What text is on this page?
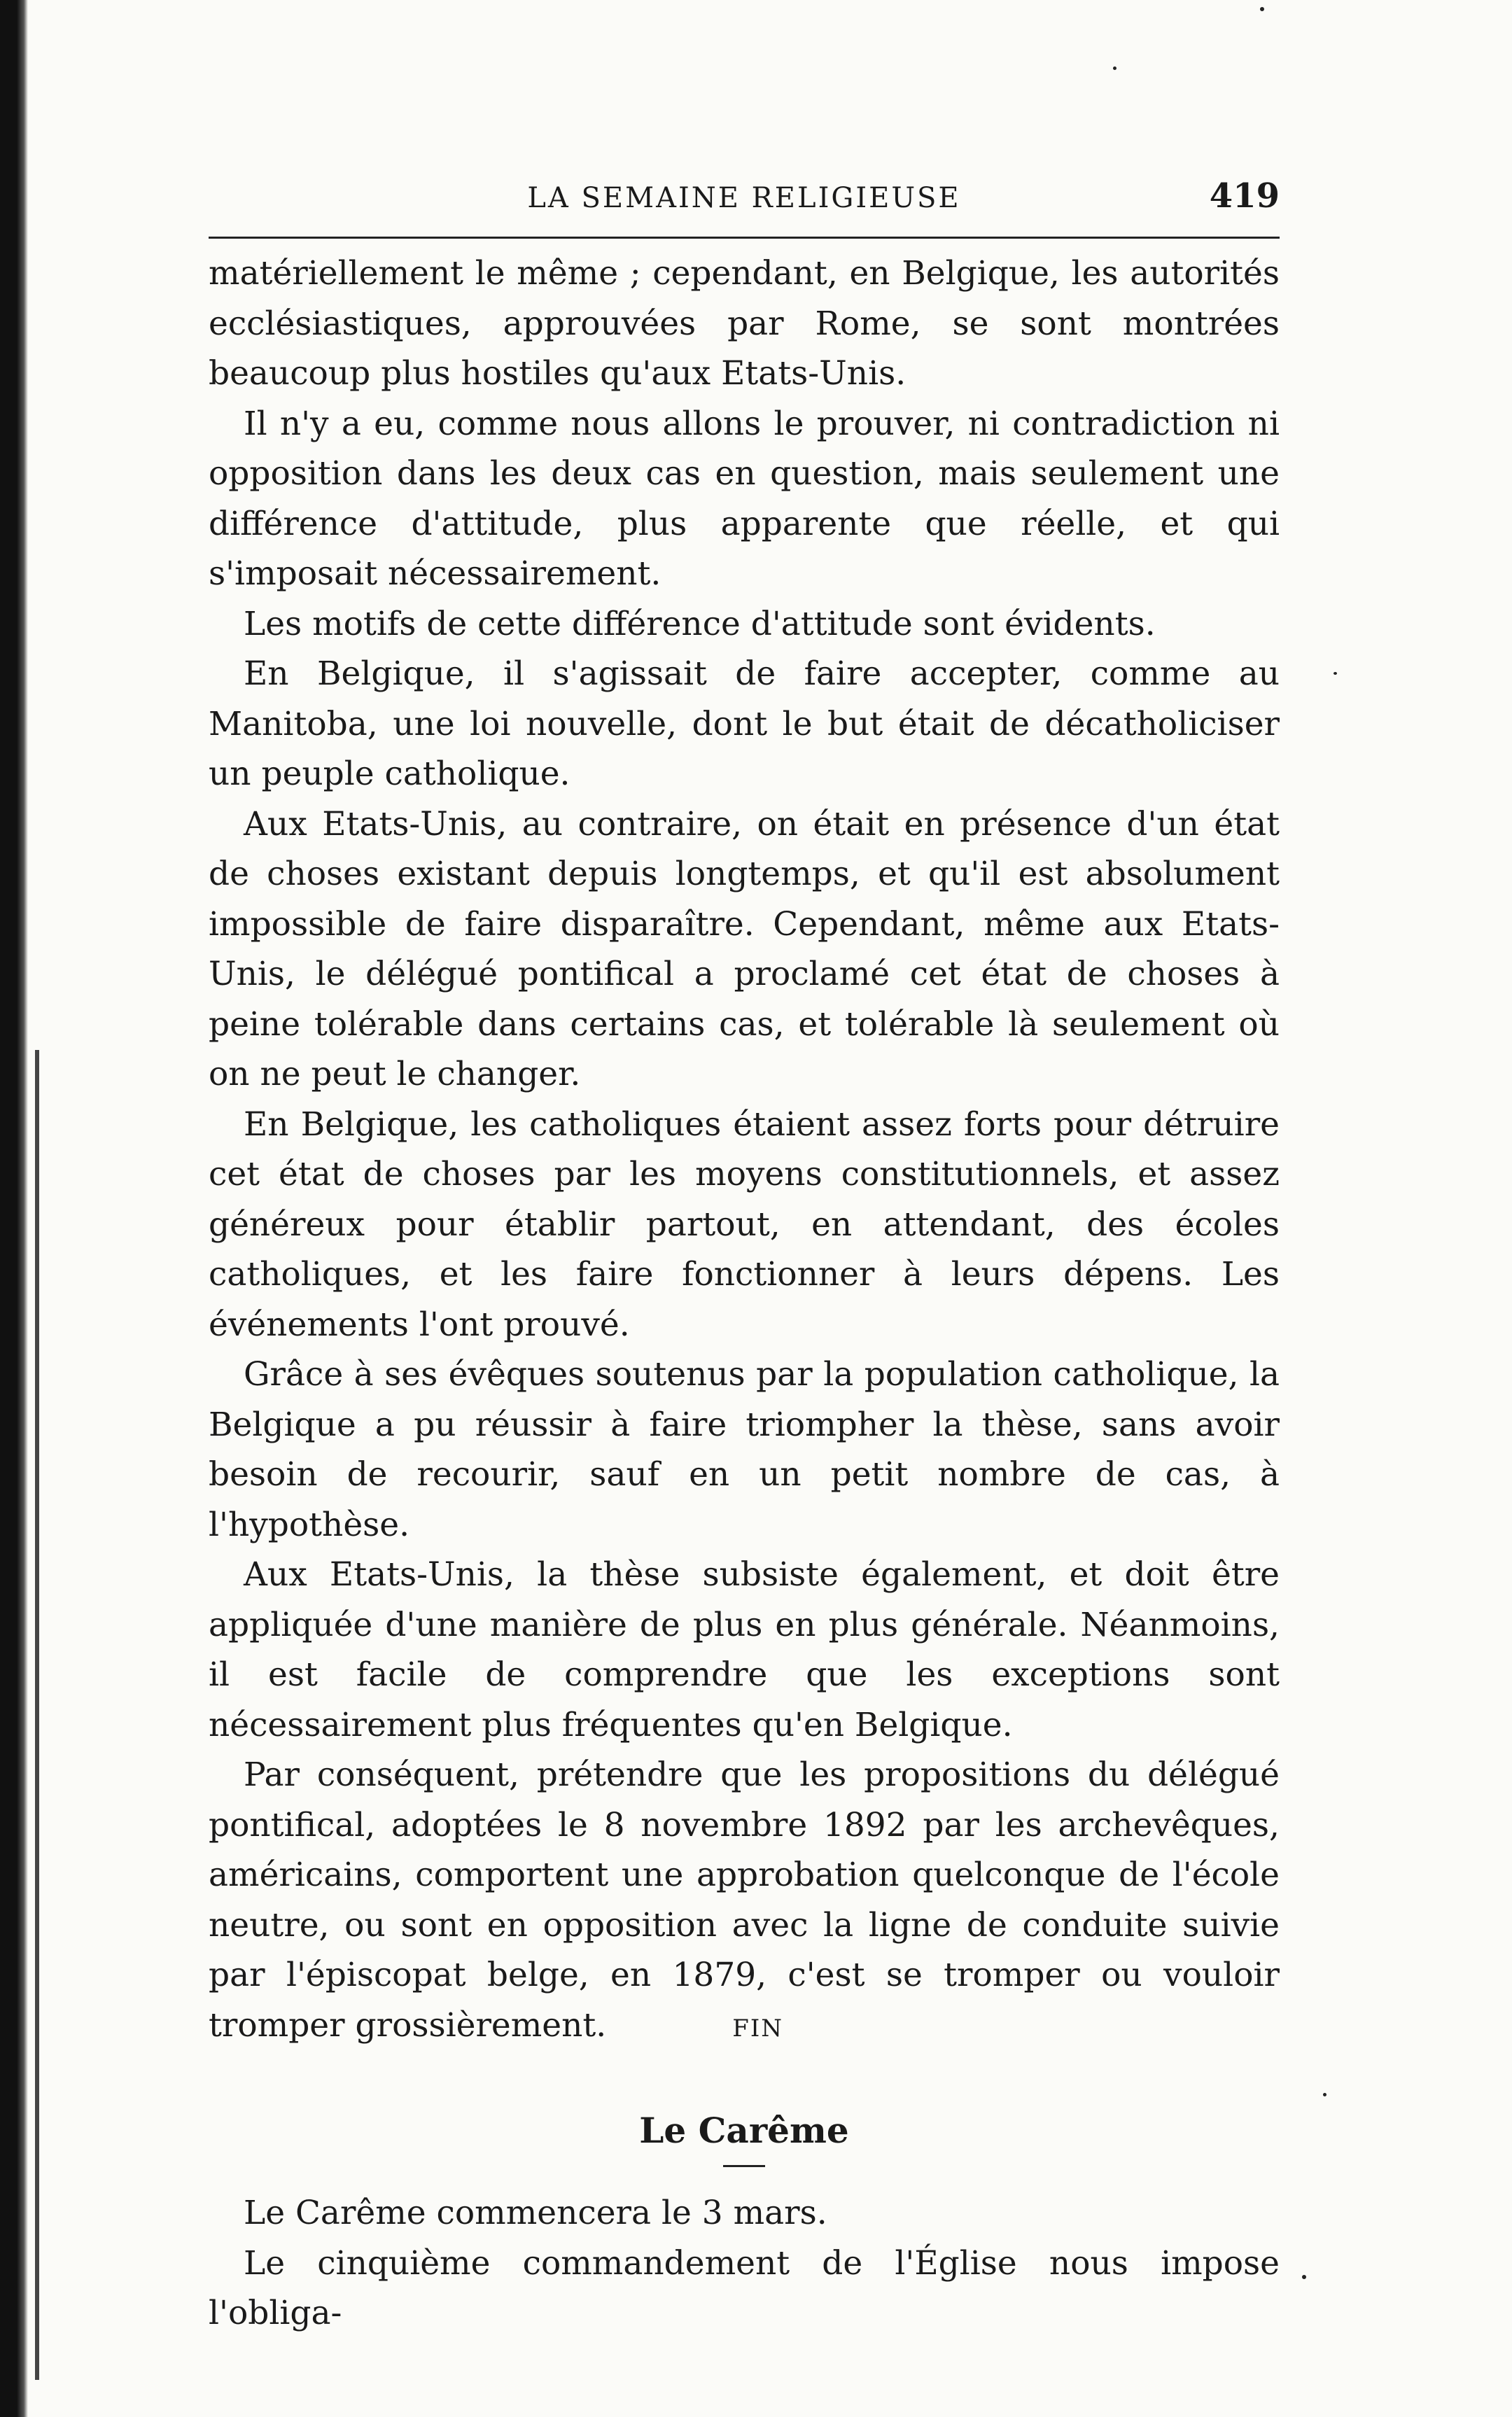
LA SEMAINE RELIGIEUSE	419

matériellement le même ; cependant, en Belgique, les autorités ecclésiastiques, approuvées par Rome, se sont montrées beaucoup plus hostiles qu'aux Etats-Unis.

Il n'y a eu, comme nous allons le prouver, ni contradiction ni opposition dans les deux cas en question, mais seulement une différence d'attitude, plus apparente que réelle, et qui s'imposait nécessairement.

Les motifs de cette différence d'attitude sont évidents.

En Belgique, il s'agissait de faire accepter, comme au Manitoba, une loi nouvelle, dont le but était de décatholiciser un peuple catholique.

Aux Etats-Unis, au contraire, on était en présence d'un état de choses existant depuis longtemps, et qu'il est absolument impossible de faire disparaître. Cependant, même aux Etats-Unis, le délégué pontifical a proclamé cet état de choses à peine tolérable dans certains cas, et tolérable là seulement où on ne peut le changer.

En Belgique, les catholiques étaient assez forts pour détruire cet état de choses par les moyens constitutionnels, et assez généreux pour établir partout, en attendant, des écoles catholiques, et les faire fonctionner à leurs dépens. Les événements l'ont prouvé.

Grâce à ses évêques soutenus par la population catholique, la Belgique a pu réussir à faire triompher la thèse, sans avoir besoin de recourir, sauf en un petit nombre de cas, à l'hypothèse.

Aux Etats-Unis, la thèse subsiste également, et doit être appliquée d'une manière de plus en plus générale. Néanmoins, il est facile de comprendre que les exceptions sont nécessairement plus fréquentes qu'en Belgique.

Par conséquent, prétendre que les propositions du délégué pontifical, adoptées le 8 novembre 1892 par les archevêques, américains, comportent une approbation quelconque de l'école neutre, ou sont en opposition avec la ligne de conduite suivie par l'épiscopat belge, en 1879, c'est se tromper ou vouloir tromper grossièrement.	FIN

Le Carême

Le Carême commencera le 3 mars.

Le cinquième commandement de l'Église nous impose l'obliga-
